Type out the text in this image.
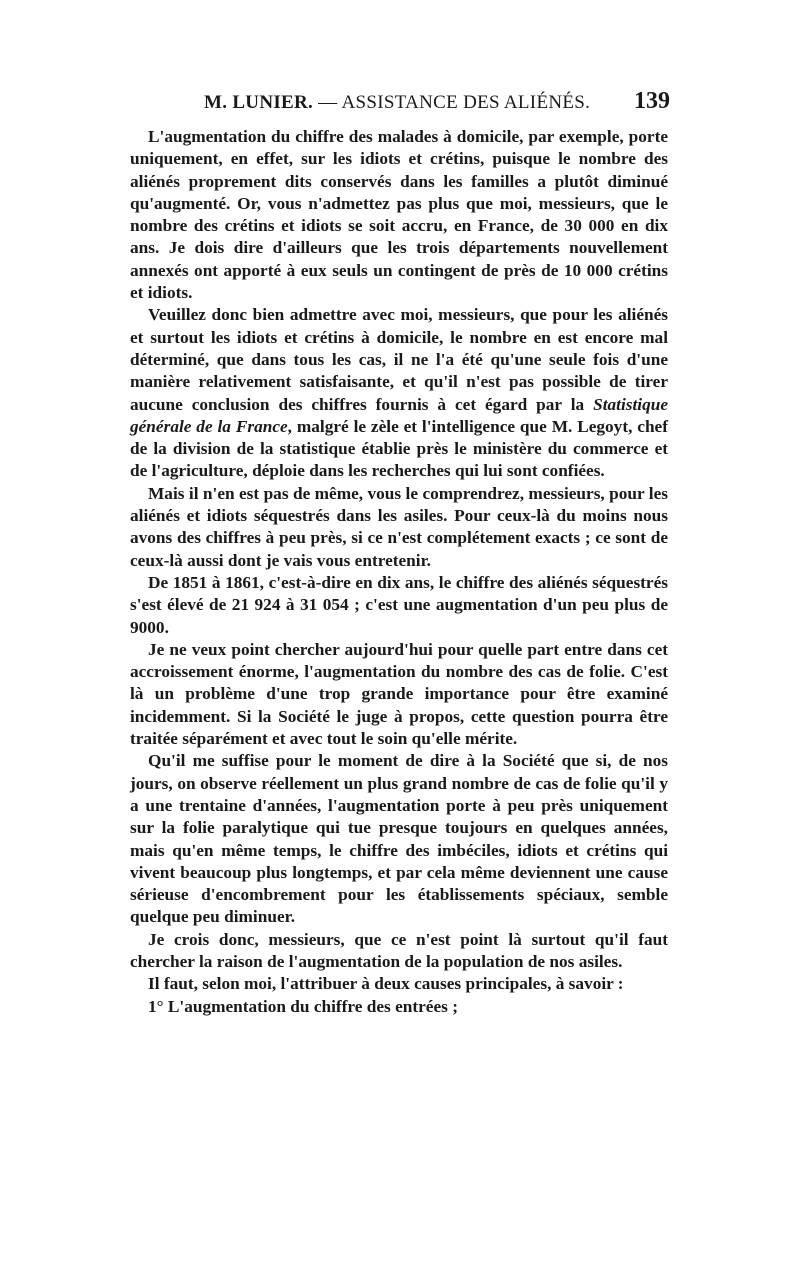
M. LUNIER. — ASSISTANCE DES ALIÉNÉS. 139

L'augmentation du chiffre des malades à domicile, par exemple, porte uniquement, en effet, sur les idiots et crétins, puisque le nombre des aliénés proprement dits conservés dans les familles a plutôt diminué qu'augmenté. Or, vous n'admettez pas plus que moi, messieurs, que le nombre des crétins et idiots se soit accru, en France, de 30 000 en dix ans. Je dois dire d'ailleurs que les trois départements nouvellement annexés ont apporté à eux seuls un contingent de près de 10 000 crétins et idiots.

Veuillez donc bien admettre avec moi, messieurs, que pour les aliénés et surtout les idiots et crétins à domicile, le nombre en est encore mal déterminé, que dans tous les cas, il ne l'a été qu'une seule fois d'une manière relativement satisfaisante, et qu'il n'est pas possible de tirer aucune conclusion des chiffres fournis à cet égard par la Statistique générale de la France, malgré le zèle et l'intelligence que M. Legoyt, chef de la division de la statistique établie près le ministère du commerce et de l'agriculture, déploie dans les recherches qui lui sont confiées.

Mais il n'en est pas de même, vous le comprendrez, messieurs, pour les aliénés et idiots séquestrés dans les asiles. Pour ceux-là du moins nous avons des chiffres à peu près, si ce n'est complétement exacts ; ce sont de ceux-là aussi dont je vais vous entretenir.

De 1851 à 1861, c'est-à-dire en dix ans, le chiffre des aliénés séquestrés s'est élevé de 21 924 à 31 054 ; c'est une augmentation d'un peu plus de 9000.

Je ne veux point chercher aujourd'hui pour quelle part entre dans cet accroissement énorme, l'augmentation du nombre des cas de folie. C'est là un problème d'une trop grande importance pour être examiné incidemment. Si la Société le juge à propos, cette question pourra être traitée séparément et avec tout le soin qu'elle mérite.

Qu'il me suffise pour le moment de dire à la Société que si, de nos jours, on observe réellement un plus grand nombre de cas de folie qu'il y a une trentaine d'années, l'augmentation porte à peu près uniquement sur la folie paralytique qui tue presque toujours en quelques années, mais qu'en même temps, le chiffre des imbéciles, idiots et crétins qui vivent beaucoup plus longtemps, et par cela même deviennent une cause sérieuse d'encombrement pour les établissements spéciaux, semble quelque peu diminuer.

Je crois donc, messieurs, que ce n'est point là surtout qu'il faut chercher la raison de l'augmentation de la population de nos asiles.

Il faut, selon moi, l'attribuer à deux causes principales, à savoir :

1° L'augmentation du chiffre des entrées ;
